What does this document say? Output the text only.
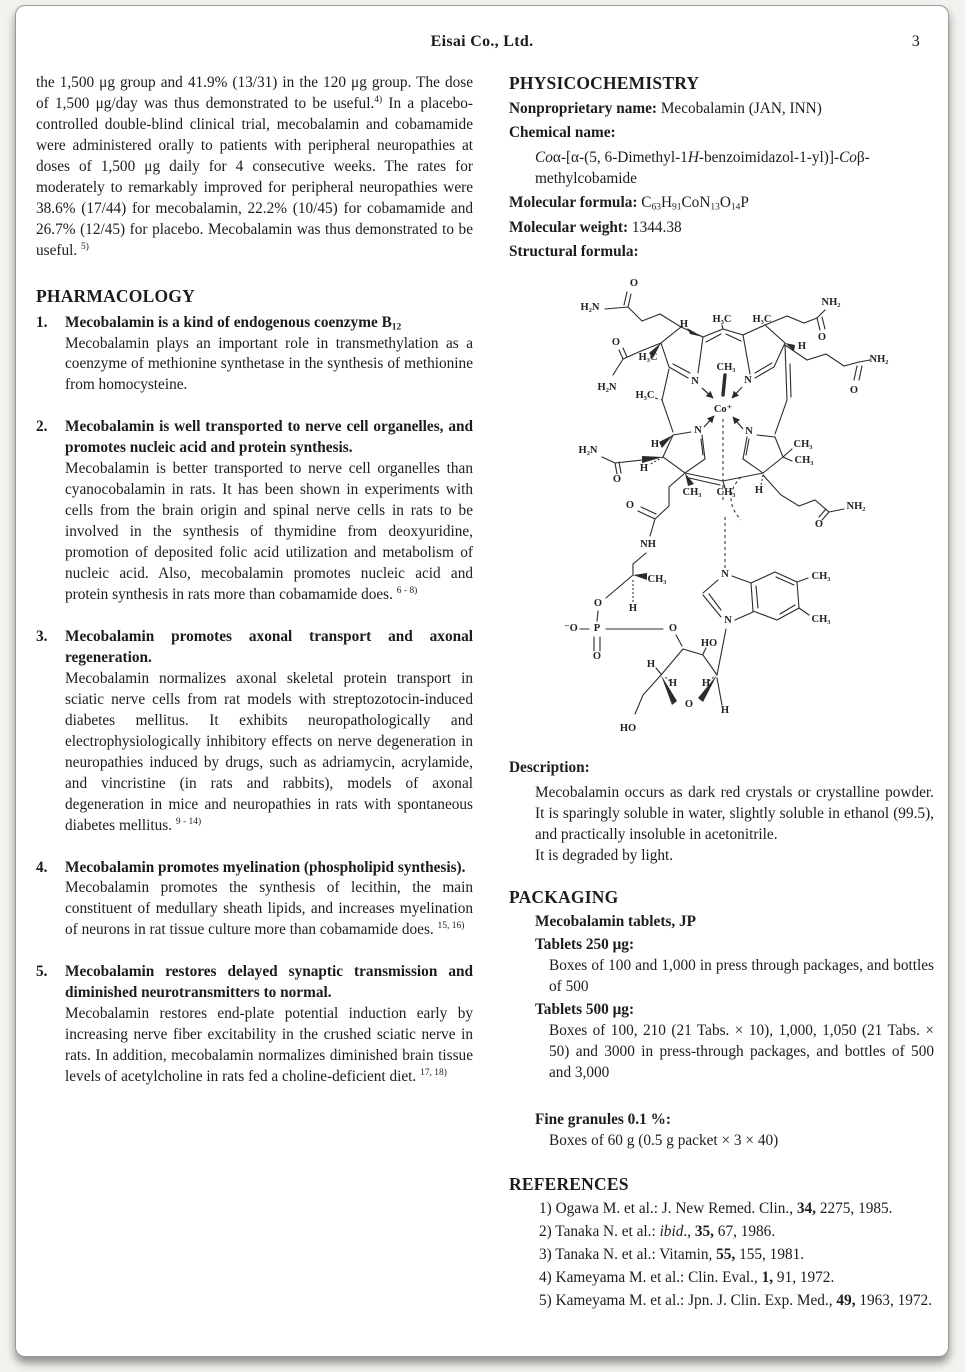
Eisai Co., Ltd.	3

the 1,500 μg group and 41.9% (13/31) in the 120 μg group. The dose of 1,500 μg/day was thus demonstrated to be useful.$^{4)}$ In a placebo-controlled double-blind clinical trial, mecobalamin and cobamamide were administered orally to patients with peripheral neuropathies at doses of 1,500 μg daily for 4 consecutive weeks. The rates for moderately to remarkably improved for peripheral neuropathies were 38.6% (17/44) for mecobalamin, 22.2% (10/45) for cobamamide and 26.7% (12/45) for placebo. Mecobalamin was thus demonstrated to be useful. $^{5)}$

PHARMACOLOGY
1. Mecobalamin is a kind of endogenous coenzyme $B_{12}$
Mecobalamin plays an important role in transmethylation as a coenzyme of methionine synthetase in the synthesis of methionine from homocysteine.
2. Mecobalamin is well transported to nerve cell organelles, and promotes nucleic acid and protein synthesis.
Mecobalamin is better transported to nerve cell organelles than cyanocobalamin in rats. It has been shown in experiments with cells from the brain origin and spinal nerve cells in rats to be involved in the synthesis of thymidine from deoxyuridine, promotion of deposited folic acid utilization and metabolism of nucleic acid. Also, mecobalamin promotes nucleic acid and protein synthesis in rats more than cobamamide does. $^{6 - 8)}$
3. Mecobalamin promotes axonal transport and axonal regeneration.
Mecobalamin normalizes axonal skeletal protein transport in sciatic nerve cells from rat models with streptozotocin-induced diabetes mellitus. It exhibits neuropathologically and electrophysiologically inhibitory effects on nerve degeneration in neuropathies induced by drugs, such as adriamycin, acrylamide, and vincristine (in rats and rabbits), models of axonal degeneration in mice and neuropathies in rats with spontaneous diabetes mellitus. $^{9 - 14)}$
4. Mecobalamin promotes myelination (phospholipid synthesis).
Mecobalamin promotes the synthesis of lecithin, the main constituent of medullary sheath lipids, and increases myelination of neurons in rat tissue culture more than cobamamide does. $^{15, 16)}$
5. Mecobalamin restores delayed synaptic transmission and diminished neurotransmitters to normal.
Mecobalamin restores end-plate potential induction early by increasing nerve fiber excitability in the crushed sciatic nerve in rats. In addition, mecobalamin normalizes diminished brain tissue levels of acetylcholine in rats fed a choline-deficient diet. $^{17, 18)}$
PHYSICOCHEMISTRY
Nonproprietary name: Mecobalamin (JAN, INN)
Chemical name:
Coα-[α-(5, 6-Dimethyl-1H-benzoimidazol-1-yl)]-Coβ-methylcobamide
Molecular formula: $C_{63}H_{91}CoN_{13}O_{14}P$
Molecular weight: 1344.38
Structural formula:
H₂N
O
H H₃C H₃C
NH₂
O
O
H₃C
CH₃
NH₂
H₂N
H₃C
H
Co⁺
O
N	N
N	N
H₂N
H
O
CH₃
CH₃
H
O
CH₃ CH₃ H
NH₂
O
NH
CH₃
O	H
⁻O P	O
O
HO
N
N
CH₃
CH₃
H
H H
O
H
HO
Description:

Mecobalamin occurs as dark red crystals or crystalline powder. It is sparingly soluble in water, slightly soluble in ethanol (99.5), and practically insoluble in acetonitrile.

It is degraded by light.

PACKAGING
Mecobalamin tablets, JP
Tablets 250 μg:
Boxes of 100 and 1,000 in press through packages, and bottles of 500
Tablets 500 μg:
Boxes of 100, 210 (21 Tabs. × 10), 1,000, 1,050 (21 Tabs. × 50) and 3000 in press-through packages, and bottles of 500 and 3,000
Fine granules 0.1 %:
Boxes of 60 g (0.5 g packet × 3 × 40)
REFERENCES
1) Ogawa M. et al.: J. New Remed. Clin., 34, 2275, 1985.
2) Tanaka N. et al.: ibid., 35, 67, 1986.
3) Tanaka N. et al.: Vitamin, 55, 155, 1981.
4) Kameyama M. et al.: Clin. Eval., 1, 91, 1972.
5) Kameyama M. et al.: Jpn. J. Clin. Exp. Med., 49, 1963, 1972.
